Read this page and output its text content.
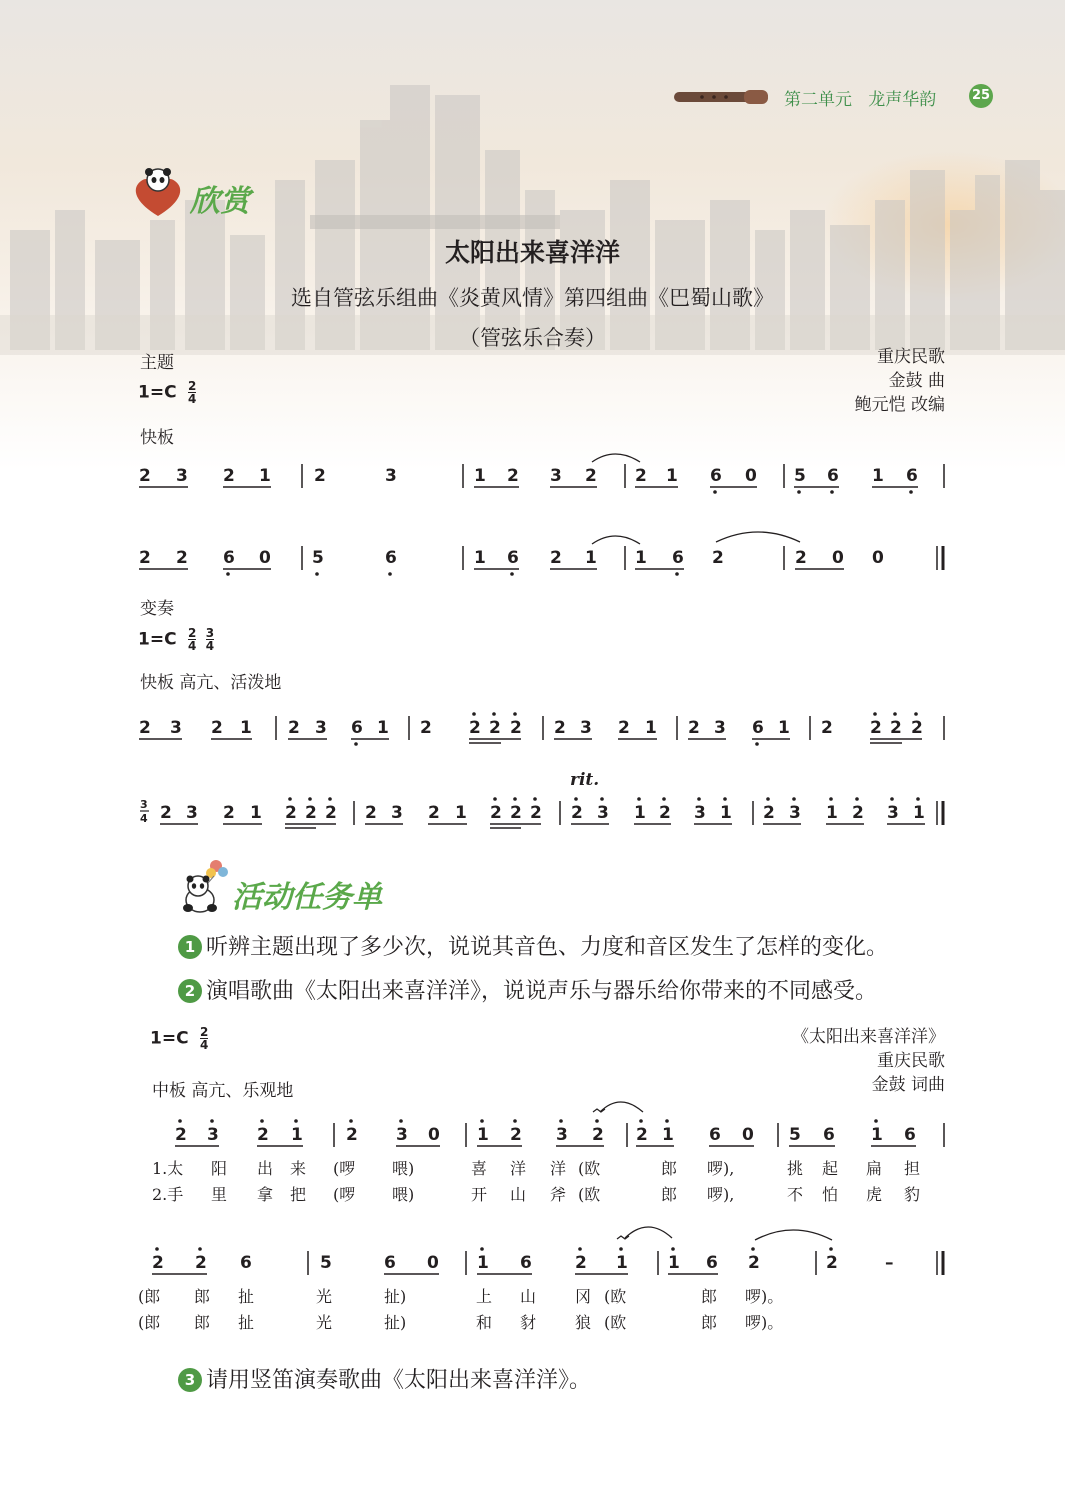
第二单元 龙声华韵	25
欣赏
太阳出来喜洋洋
选自管弦乐组曲《炎黄风情》第四组曲《巴蜀山歌》
（管弦乐合奏）
主题	重庆民歌
金鼓 曲
鲍元恺 改编
$1=C \frac{2}{4}$
快板
2 3 2 1	2	3	1 2 3 2 2 1 6 0 5 6 1 6
2 2 6 0 5	6	1 6 2 1 1 6 2	2 0 0
变奏
$1=C \frac{2}{4}$
$\frac{3}{4}$
快板 高亢、活泼地
2 3 2 1 2 3 6 1 2 2 2 2 2 3 2 1 2 3 6 1 2 2 2 2
rit.
3
4 2 3 2 1 2 2 2 2 3 2 1 2 2 2 2 3 1 2 3 1 2 3 1 2 3 1
活动任务单
1 听辨主题出现了多少次，说说其音色、力度和音区发生了怎样的变化。
2 演唱歌曲《太阳出来喜洋洋》，说说声乐与器乐给你带来的不同感受。
$1=C \frac{2}{4}$	《太阳出来喜洋洋》
重庆民歌
金鼓 词曲
中板 高亢、乐观地
2 3 2 1	2 3 0 1 2 3 2 2 1 6 0 5 6 1 6
1.太 阳 出 来 (啰 喂)	喜 洋 洋 (欧	郎 啰),	挑 起 扁 担
2.手 里 拿 把 (啰 喂)	开 山 斧 (欧	郎 啰),	不 怕 虎 豹
2 2 6	5	6 0 1 6	2 1 1 6 2	2	–
(郎 郎 扯	光	扯)	上 山 冈 (欧	郎 啰)。
(郎 郎 扯	光	扯)	和 豺 狼 (欧	郎 啰)。
3 请用竖笛演奏歌曲《太阳出来喜洋洋》。
